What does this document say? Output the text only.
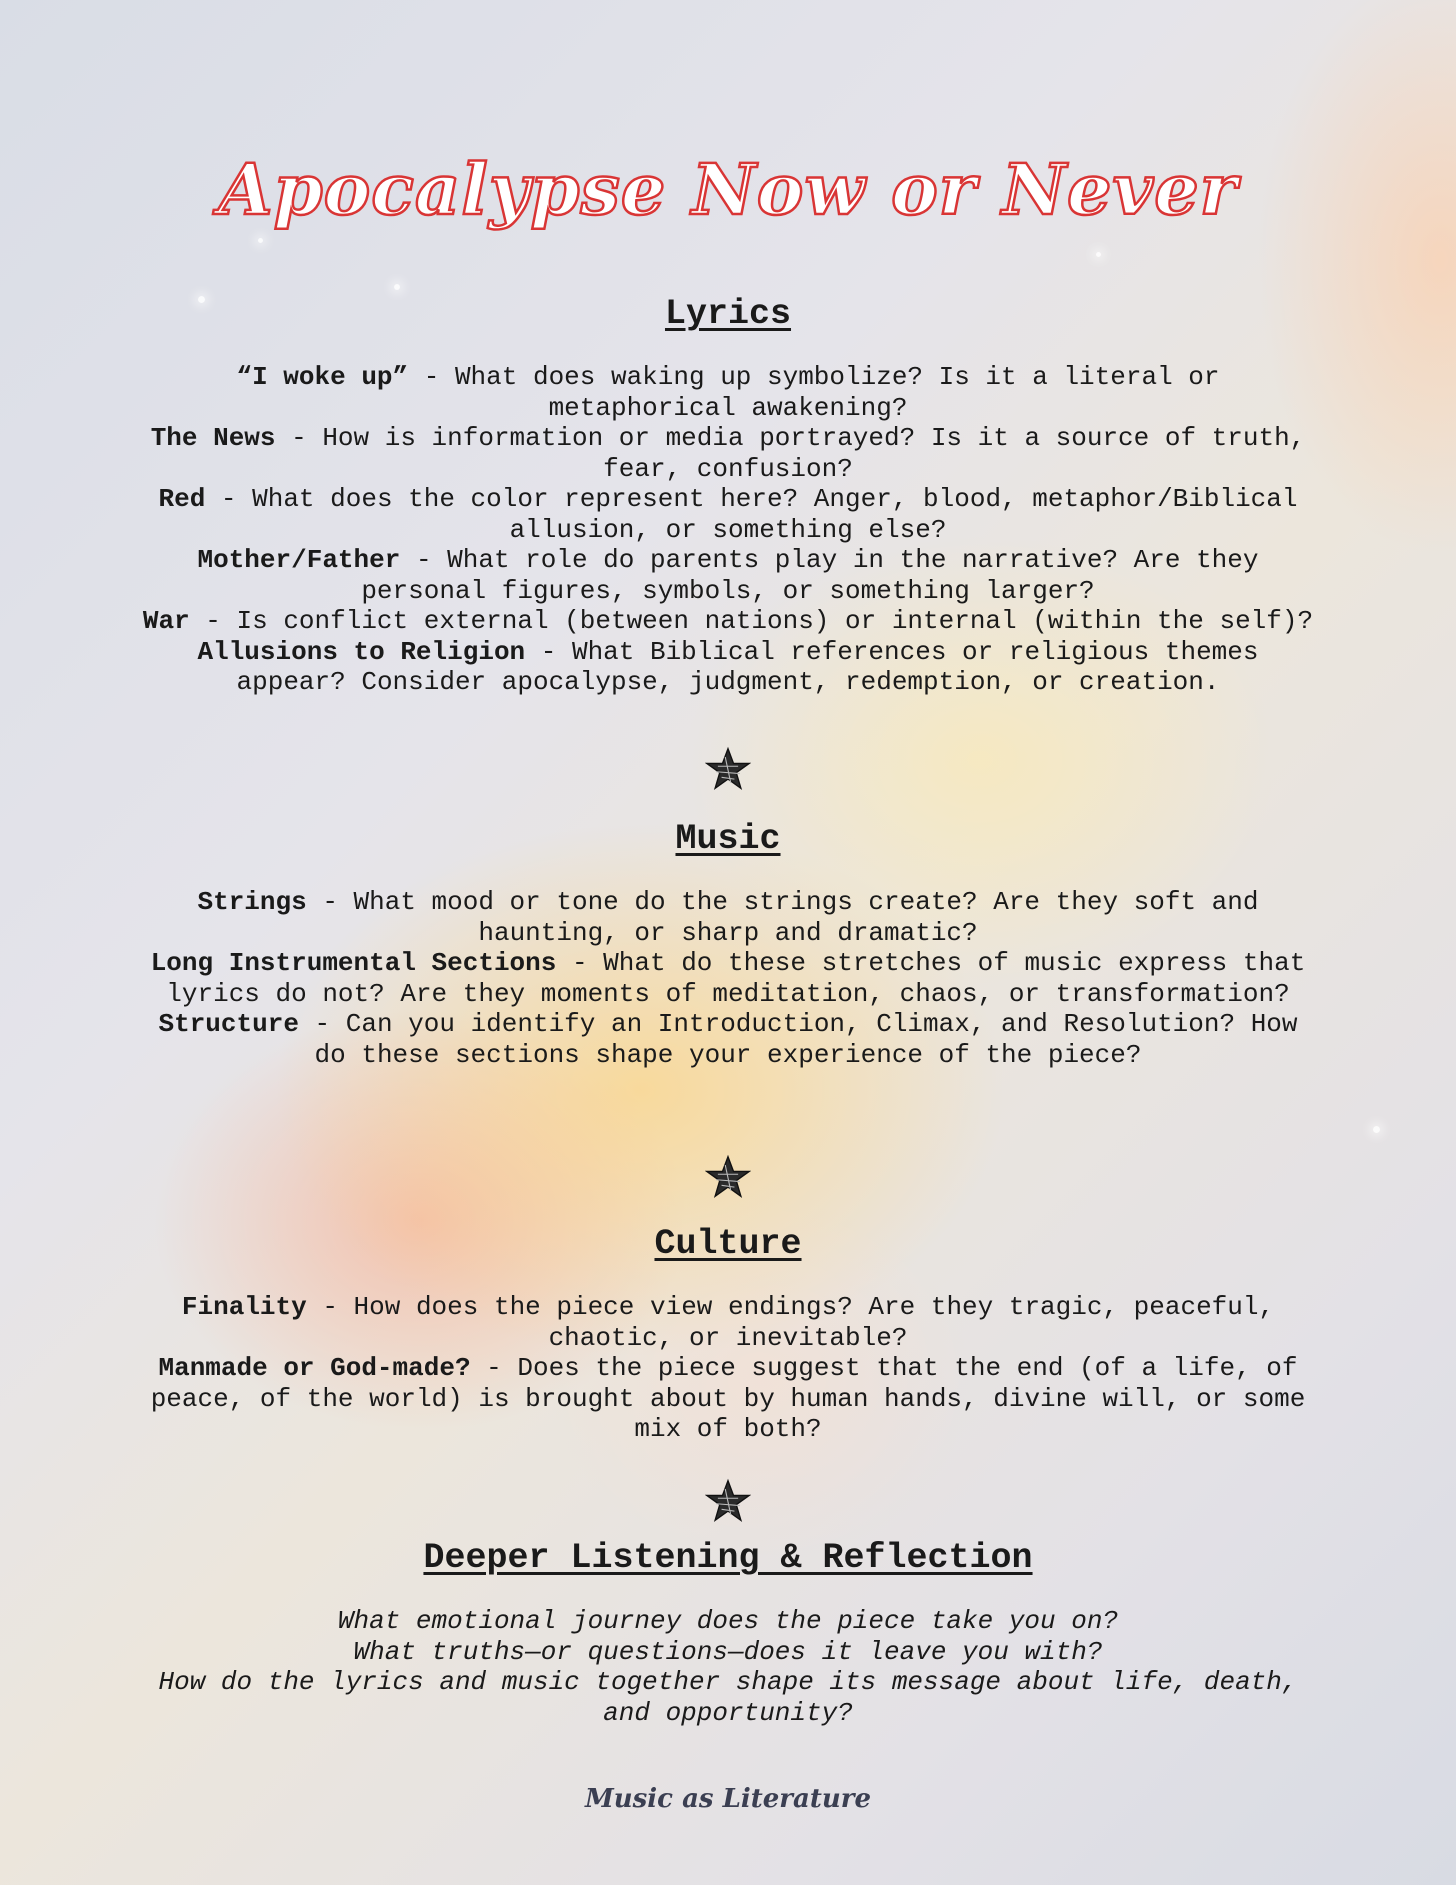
Apocalypse Now or Never
Lyrics

“I woke up” - What does waking up symbolize? Is it a literal or metaphorical awakening?

The News - How is information or media portrayed? Is it a source of truth, fear, confusion?

Red - What does the color represent here? Anger, blood, metaphor/Biblical allusion, or something else?

Mother/Father - What role do parents play in the narrative? Are they personal figures, symbols, or something larger?

War - Is conflict external (between nations) or internal (within the self)?

Allusions to Religion - What Biblical references or religious themes appear? Consider apocalypse, judgment, redemption, or creation.

Music

Strings - What mood or tone do the strings create? Are they soft and haunting, or sharp and dramatic?

Long Instrumental Sections - What do these stretches of music express that lyrics do not? Are they moments of meditation, chaos, or transformation?

Structure - Can you identify an Introduction, Climax, and Resolution? How do these sections shape your experience of the piece?

Culture

Finality - How does the piece view endings? Are they tragic, peaceful, chaotic, or inevitable?

Manmade or God-made? - Does the piece suggest that the end (of a life, of peace, of the world) is brought about by human hands, divine will, or some mix of both?

Deeper Listening & Reflection

What emotional journey does the piece take you on?

What truths—or questions—does it leave you with?

How do the lyrics and music together shape its message about life, death, and opportunity?

Music as Literature
